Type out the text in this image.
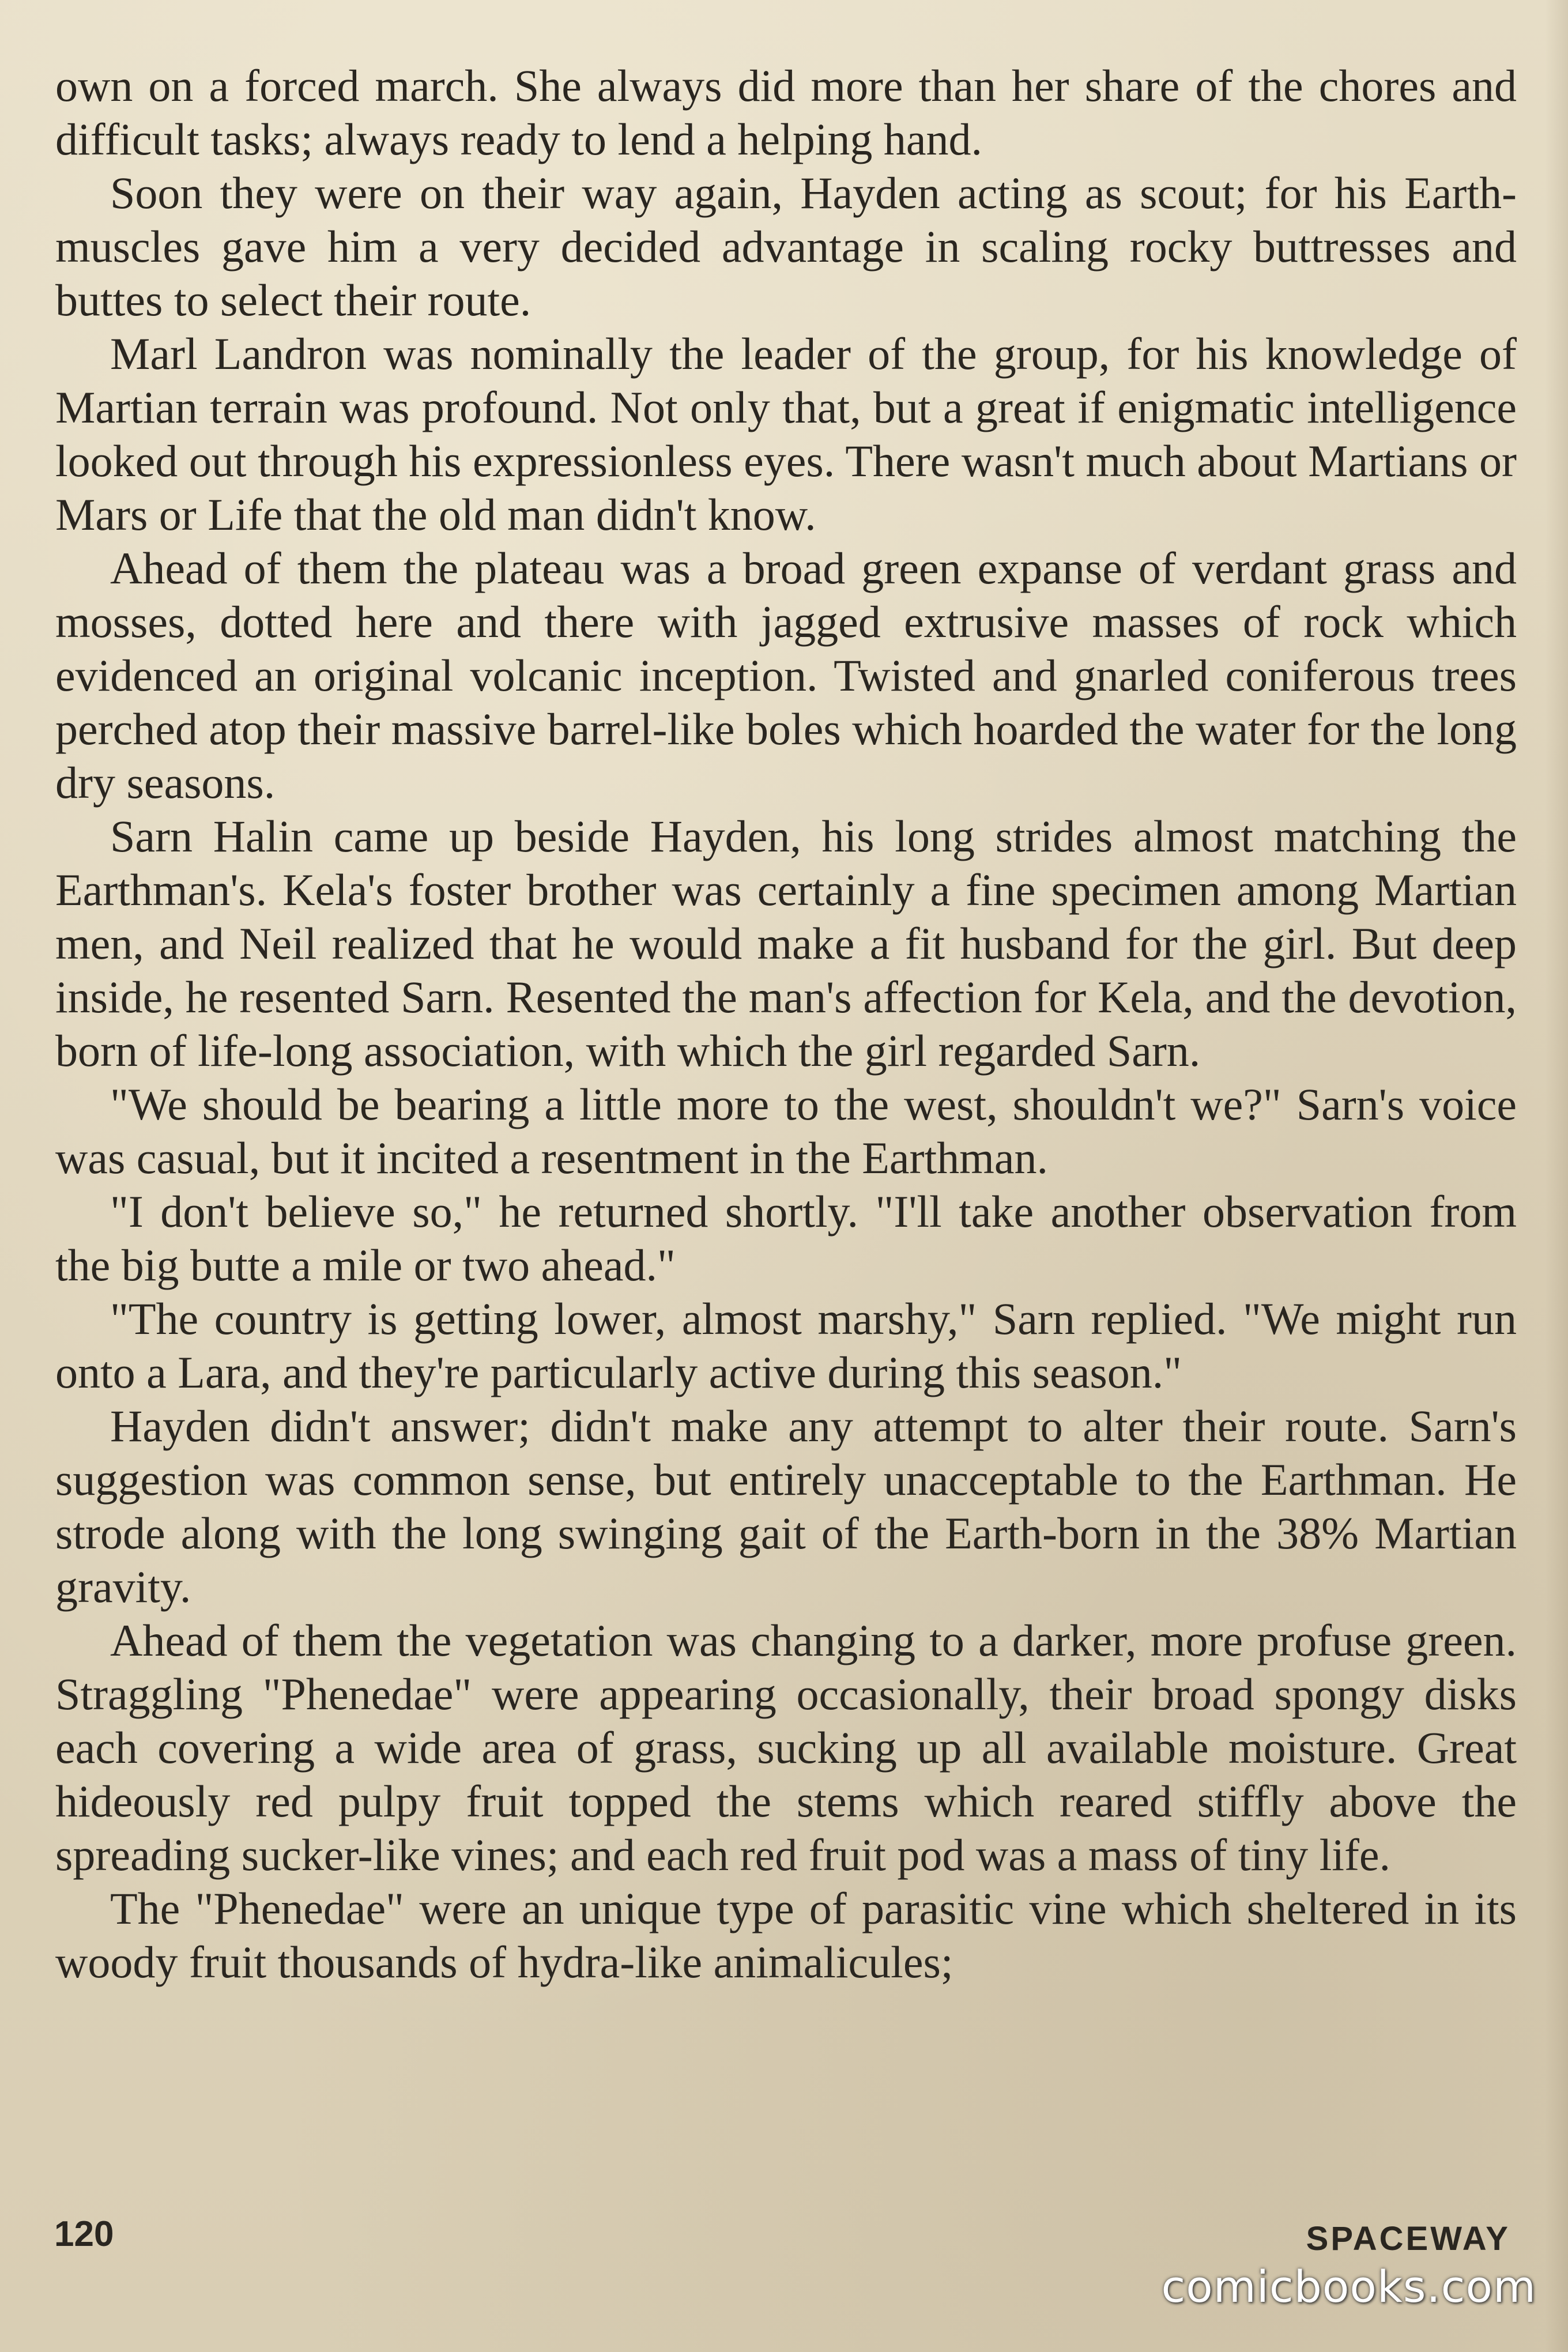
own on a forced march. She always did more than her share of the chores and difficult tasks; always ready to lend a helping hand.

Soon they were on their way again, Hayden acting as scout; for his Earth-muscles gave him a very decided advantage in scaling rocky buttresses and buttes to select their route.

Marl Landron was nominally the leader of the group, for his knowledge of Martian terrain was profound. Not only that, but a great if enigmatic intelligence looked out through his expressionless eyes. There wasn't much about Martians or Mars or Life that the old man didn't know.

Ahead of them the plateau was a broad green expanse of verdant grass and mosses, dotted here and there with jagged extrusive masses of rock which evidenced an original volcanic inception. Twisted and gnarled coniferous trees perched atop their massive barrel-like boles which hoarded the water for the long dry seasons.

Sarn Halin came up beside Hayden, his long strides almost matching the Earthman's. Kela's foster brother was certainly a fine specimen among Martian men, and Neil realized that he would make a fit husband for the girl. But deep inside, he resented Sarn. Resented the man's affection for Kela, and the devotion, born of life-long association, with which the girl regarded Sarn.

"We should be bearing a little more to the west, shouldn't we?" Sarn's voice was casual, but it incited a resentment in the Earthman.

"I don't believe so," he returned shortly. "I'll take another observation from the big butte a mile or two ahead."

"The country is getting lower, almost marshy," Sarn replied. "We might run onto a Lara, and they're particularly active during this season."

Hayden didn't answer; didn't make any attempt to alter their route. Sarn's suggestion was common sense, but entirely unacceptable to the Earthman. He strode along with the long swinging gait of the Earth-born in the 38% Martian gravity.

Ahead of them the vegetation was changing to a darker, more profuse green. Straggling "Phenedae" were appearing occasionally, their broad spongy disks each covering a wide area of grass, sucking up all available moisture. Great hideously red pulpy fruit topped the stems which reared stiffly above the spreading sucker-like vines; and each red fruit pod was a mass of tiny life.

The "Phenedae" were an unique type of parasitic vine which sheltered in its woody fruit thousands of hydra-like animalicules;

120	SPACEWAY
comicbooks.com
